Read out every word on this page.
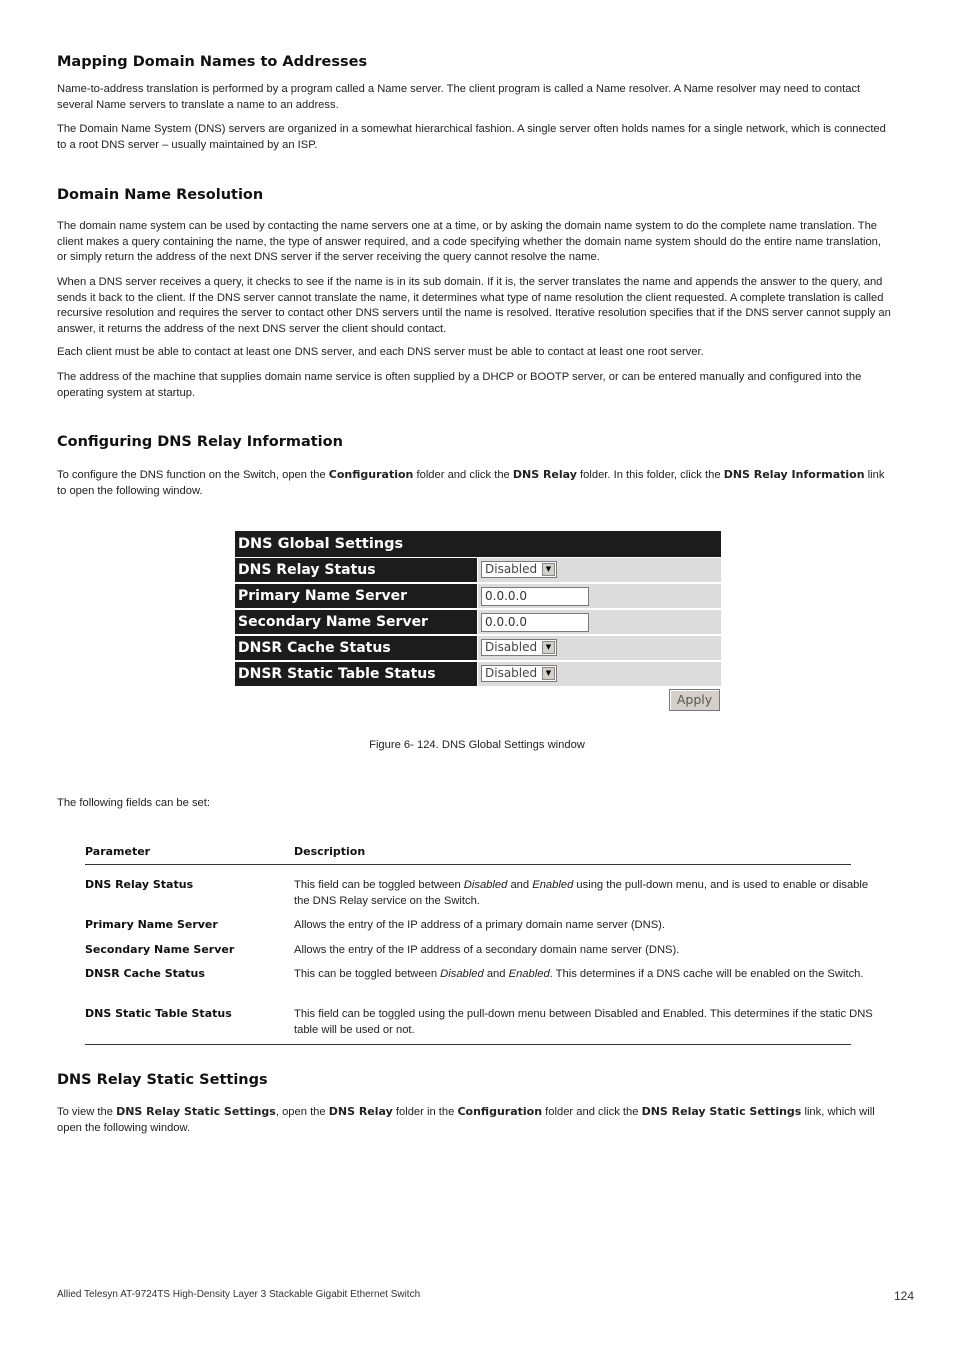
Mapping Domain Names to Addresses

Name-to-address translation is performed by a program called a Name server. The client program is called a Name resolver. A Name resolver may need to contact several Name servers to translate a name to an address.

The Domain Name System (DNS) servers are organized in a somewhat hierarchical fashion. A single server often holds names for a single network, which is connected to a root DNS server – usually maintained by an ISP.

Domain Name Resolution

The domain name system can be used by contacting the name servers one at a time, or by asking the domain name system to do the complete name translation. The client makes a query containing the name, the type of answer required, and a code specifying whether the domain name system should do the entire name translation, or simply return the address of the next DNS server if the server receiving the query cannot resolve the name.

When a DNS server receives a query, it checks to see if the name is in its sub domain. If it is, the server translates the name and appends the answer to the query, and sends it back to the client. If the DNS server cannot translate the name, it determines what type of name resolution the client requested. A complete translation is called recursive resolution and requires the server to contact other DNS servers until the name is resolved. Iterative resolution specifies that if the DNS server cannot supply an answer, it returns the address of the next DNS server the client should contact.

Each client must be able to contact at least one DNS server, and each DNS server must be able to contact at least one root server.

The address of the machine that supplies domain name service is often supplied by a DHCP or BOOTP server, or can be entered manually and configured into the operating system at startup.

Configuring DNS Relay Information

To configure the DNS function on the Switch, open the Configuration folder and click the DNS Relay folder. In this folder, click the DNS Relay Information link to open the following window.

The following fields can be set:

DNS Relay Static Settings

To view the DNS Relay Static Settings, open the DNS Relay folder in the Configuration folder and click the DNS Relay Static Settings link, which will open the following window.

DNS Global Settings
DNS Relay Status	Disabled	▼
Primary Name Server	0.0.0.0
Secondary Name Server	0.0.0.0
DNSR Cache Status	Disabled	▼
DNSR Static Table Status	Disabled	▼
Apply
Figure 6- 124. DNS Global Settings window
Parameter	Description
DNS Relay Status	This field can be toggled between Disabled and Enabled using the pull-down menu, and is used to enable or disable the DNS Relay service on the Switch.
Primary Name Server	Allows the entry of the IP address of a primary domain name server (DNS).
Secondary Name Server	Allows the entry of the IP address of a secondary domain name server (DNS).
DNSR Cache Status	This can be toggled between Disabled and Enabled. This determines if a DNS cache will be enabled on the Switch.
DNS Static Table Status	This field can be toggled using the pull-down menu between Disabled and Enabled. This determines if the static DNS table will be used or not.
Allied Telesyn AT-9724TS High-Density Layer 3 Stackable Gigabit Ethernet Switch	124
